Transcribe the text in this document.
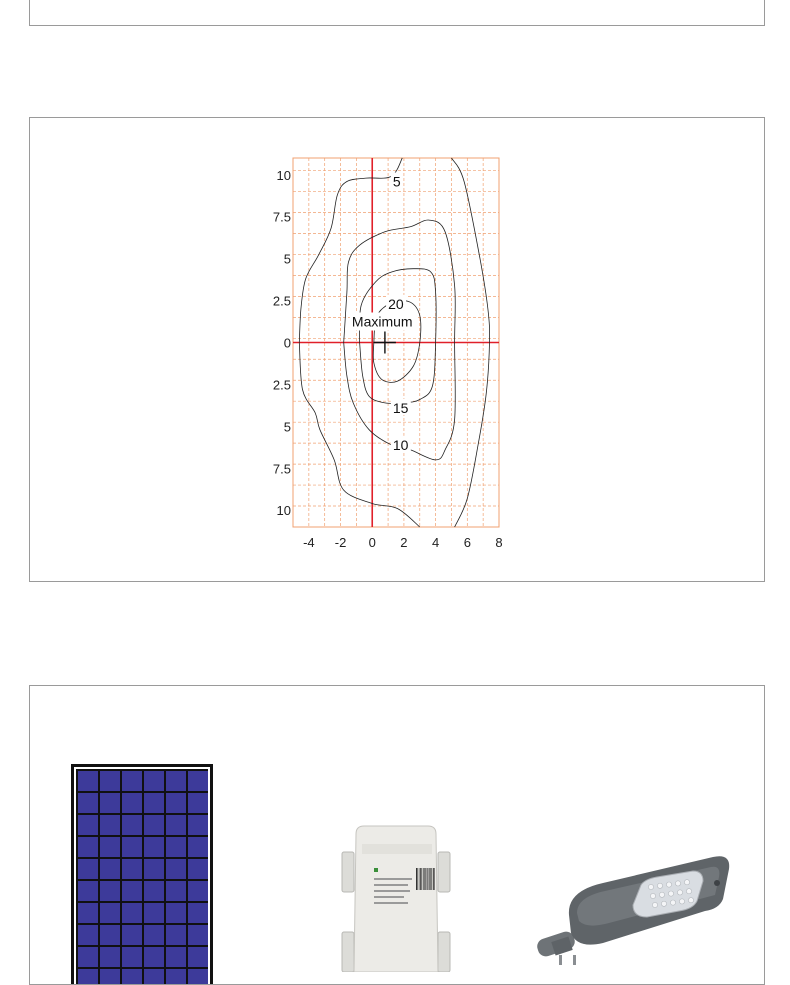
-4 -2 0 2 4 6 8
10
7.5
5
2.5
0
2.5
5
7.5
10
5
10
15
20
Maximum
